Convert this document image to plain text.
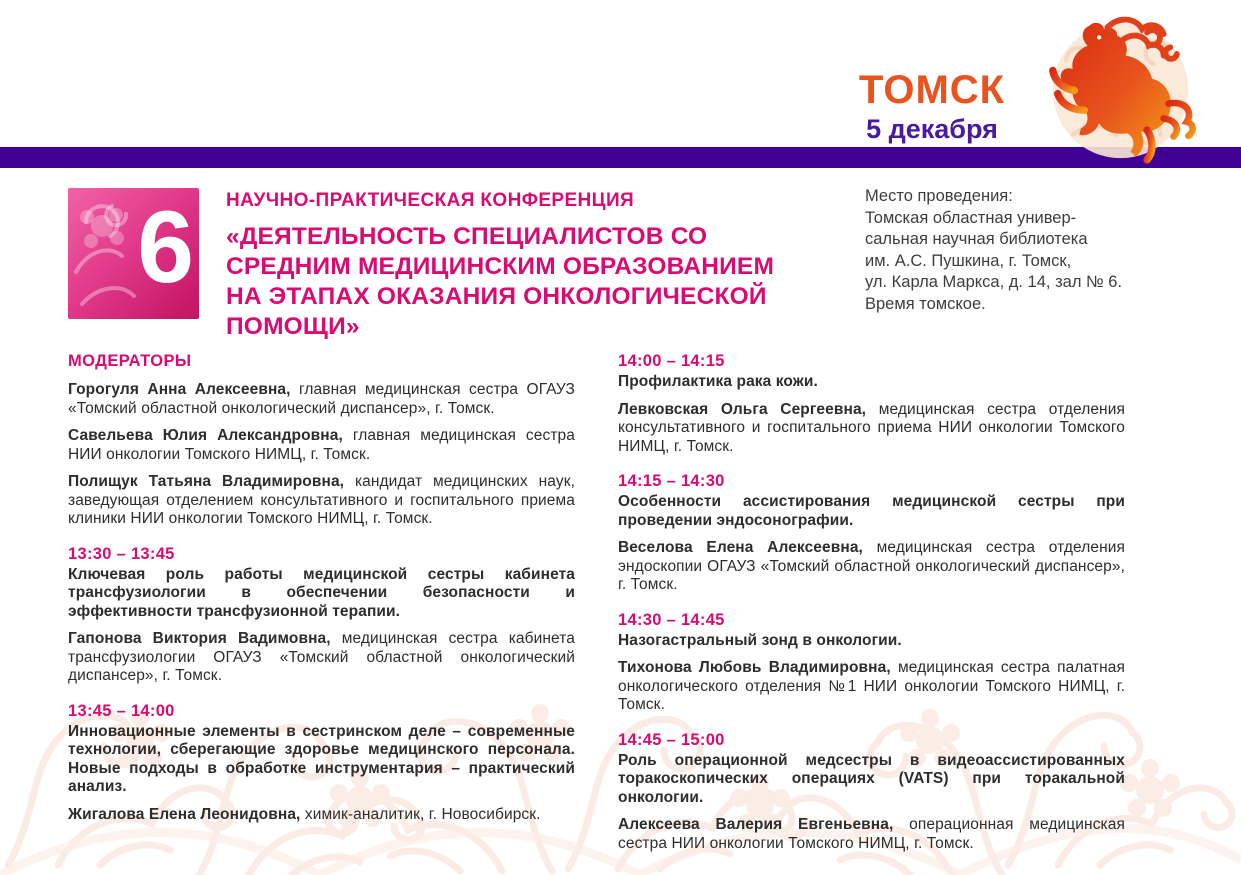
ТОМСК
5 декабря
6 НАУЧНО-ПРАКТИЧЕСКАЯ КОНФЕРЕНЦИЯ
«ДЕЯТЕЛЬНОСТЬ СПЕЦИАЛИСТОВ СО СРЕДНИМ МЕДИЦИНСКИМ ОБРАЗОВАНИЕМ НА ЭТАПАХ ОКАЗАНИЯ ОНКОЛОГИЧЕСКОЙ ПОМОЩИ»
Место проведения:
Томская областная универ-
сальная научная библиотека
им. А.С. Пушкина, г. Томск,
ул. Карла Маркса, д. 14, зал № 6.
Время томское.
МОДЕРАТОРЫ

Горогуля Анна Алексеевна, главная медицинская сестра ОГАУЗ «Томский областной онкологический диспансер», г. Томск.

Савельева Юлия Александровна, главная медицинская сестра НИИ онкологии Томского НИМЦ, г. Томск.

Полищук Татьяна Владимировна, кандидат медицинских наук, заведующая отделением консультативного и госпитального приема клиники НИИ онкологии Томского НИМЦ, г. Томск.

13:30 – 13:45

Ключевая роль работы медицинской сестры кабинета трансфузиологии в обеспечении безопасности и эффективности трансфузионной терапии.

Гапонова Виктория Вадимовна, медицинская сестра кабинета трансфузиологии ОГАУЗ «Томский областной онкологический диспансер», г. Томск.

13:45 – 14:00

Инновационные элементы в сестринском деле – современные технологии, сберегающие здоровье медицинского персонала. Новые подходы в обработке инструментария – практический анализ.

Жигалова Елена Леонидовна, химик-аналитик, г. Новосибирск.

14:00 – 14:15

Профилактика рака кожи.

Левковская Ольга Сергеевна, медицинская сестра отделения консультативного и госпитального приема НИИ онкологии Томского НИМЦ, г. Томск.

14:15 – 14:30

Особенности ассистирования медицинской сестры при проведении эндосонографии.

Веселова Елена Алексеевна, медицинская сестра отделения эндоскопии ОГАУЗ «Томский областной онкологический диспансер», г. Томск.

14:30 – 14:45

Назогастральный зонд в онкологии.

Тихонова Любовь Владимировна, медицинская сестра палатная онкологического отделения №1 НИИ онкологии Томского НИМЦ, г. Томск.

14:45 – 15:00

Роль операционной медсестры в видеоассистированных торакоскопических операциях (VATS) при торакальной онкологии.

Алексеева Валерия Евгеньевна, операционная медицинская сестра НИИ онкологии Томского НИМЦ, г. Томск.
